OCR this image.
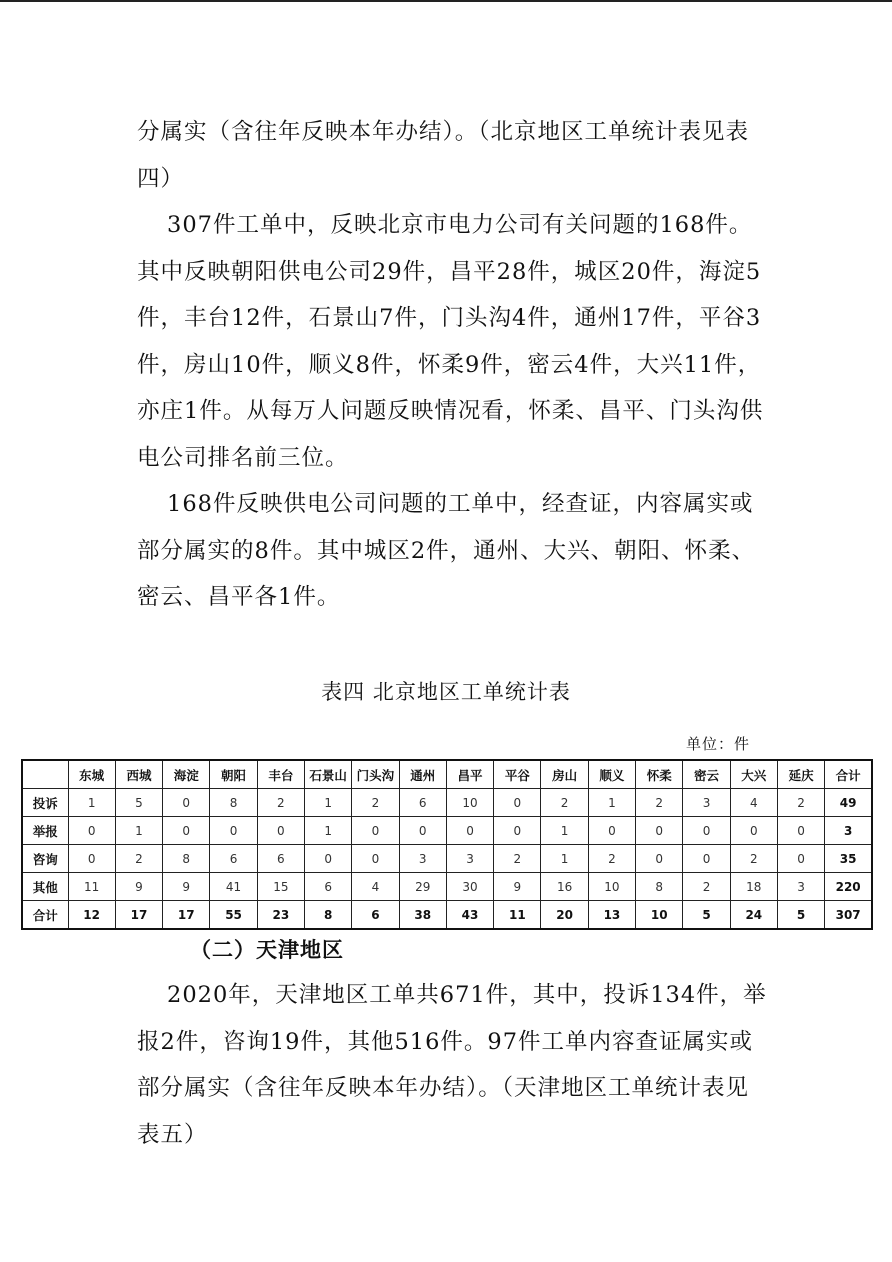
分属实（含往年反映本年办结）。（北京地区工单统计表见表四）

307件工单中，反映北京市电力公司有关问题的168件。其中反映朝阳供电公司29件，昌平28件，城区20件，海淀5件，丰台12件，石景山7件，门头沟4件，通州17件，平谷3件，房山10件，顺义8件，怀柔9件，密云4件，大兴11件，亦庄1件。从每万人问题反映情况看，怀柔、昌平、门头沟供电公司排名前三位。

168件反映供电公司问题的工单中，经查证，内容属实或部分属实的8件。其中城区2件，通州、大兴、朝阳、怀柔、密云、昌平各1件。

表四 北京地区工单统计表
单位：件
	东城	西城	海淀	朝阳	丰台	石景山	门头沟	通州	昌平	平谷	房山	顺义	怀柔	密云	大兴	延庆	合计
投诉	1	5	0	8	2	1	2	6	10	0	2	1	2	3	4	2	49
举报	0	1	0	0	0	1	0	0	0	0	1	0	0	0	0	0	3
咨询	0	2	8	6	6	0	0	3	3	2	1	2	0	0	2	0	35
其他	11	9	9	41	15	6	4	29	30	9	16	10	8	2	18	3	220
合计	12	17	17	55	23	8	6	38	43	11	20	13	10	5	24	5	307

（二）天津地区

2020年，天津地区工单共671件，其中，投诉134件，举报2件，咨询19件，其他516件。97件工单内容查证属实或部分属实（含往年反映本年办结）。（天津地区工单统计表见表五）
